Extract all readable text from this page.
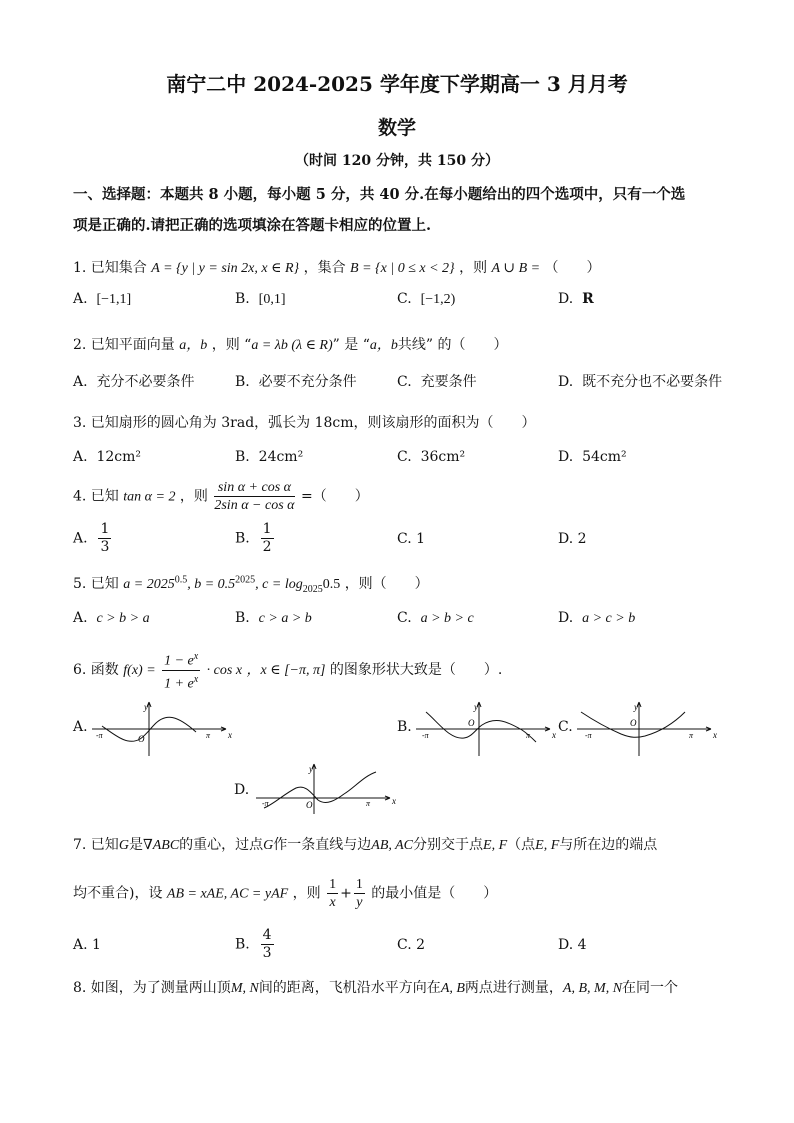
南宁二中 2024-2025 学年度下学期高一 3 月月考
数学
（时间 120 分钟，共 150 分）
一、选择题：本题共 8 小题，每小题 5 分，共 40 分.在每小题给出的四个选项中，只有一个选
项是正确的.请把正确的选项填涂在答题卡相应的位置上.
1. 已知集合 A = {y | y = sin 2x, x ∈ R} ，集合 B = {x | 0 ≤ x < 2} ，则 A ∪ B = （　　）
A. [−1,1]	B. [0,1]	C. [−1,2)	D. R
2. 已知平面向量 a，b ，则 “a = λb (λ ∈ R)” 是 “a，b共线” 的（　　）
A. 充分不必要条件	B. 必要不充分条件	C. 充要条件	D. 既不充分也不必要条件
3. 已知扇形的圆心角为 3rad，弧长为 18cm，则该扇形的面积为（　　）
A. 12cm²	B. 24cm²	C. 36cm²	D. 54cm²
4. 已知 tan α = 2 ，则 $\frac{\text{sin α + cos α}}{\text{2sin α − cos α}}$ =（　　）
A. $\frac{1}{3}$	B. $\frac{1}{2}$	C. 1	D. 2
5. 已知 $a = 2025^{0.5}$, $b = 0.5^{2025}$, $c = \log_{2025}0.5$ ，则（　　）
A. c > b > a	B. c > a > b	C. a > b > c	D. a > c > b
6. 函数 $f(x) = \frac{1 - e^x}{1 + e^x} \cdot \cos x$ ，x ∈ [−π, π] 的图象形状大致是（　　）.
A.	B.	C.
D.
y
x
O
-π	π
y
x
O
-π	π
y
x
O
-π	π
y
x
O
-π	π
7. 已知G是∇ABC的重心，过点G作一条直线与边AB, AC分别交于点E, F（点E, F与所在边的端点
均不重合)，设 AB = xAE, AC = yAF ，则 $\frac{1}{x} + \frac{1}{y}$ 的最小值是（　　）
A. 1	B. $\frac{4}{3}$	C. 2	D. 4
8. 如图，为了测量两山顶M, N间的距离，飞机沿水平方向在A, B两点进行测量，A, B, M, N在同一个
